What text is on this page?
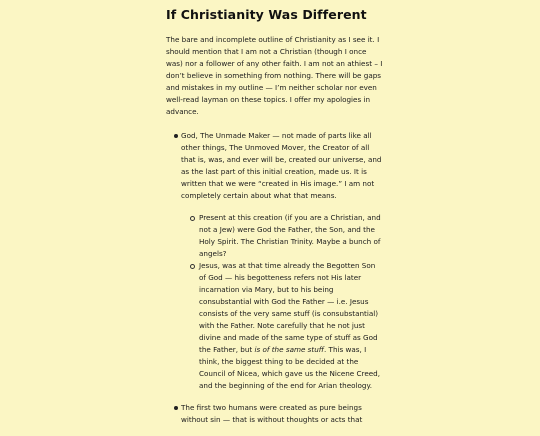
If Christianity Was Different

The bare and incomplete outline of Christianity as I see it. I should mention that I am not a Christian (though I once was) nor a follower of any other faith. I am not an athiest – I don’t believe in something from nothing. There will be gaps and mistakes in my outline — I’m neither scholar nor even well-read layman on these topics. I offer my apologies in advance.

God, The Unmade Maker — not made of parts like all other things, The Unmoved Mover, the Creator of all that is, was, and ever will be, created our universe, and as the last part of this initial creation, made us. It is written that we were “created in His image.” I am not completely certain about what that means.
Present at this creation (if you are a Christian, and not a Jew) were God the Father, the Son, and the Holy Spirit. The Christian Trinity. Maybe a bunch of angels?
Jesus, was at that time already the Begotten Son of God — his begotteness refers not His later incarnation via Mary, but to his being consubstantial with God the Father — i.e. Jesus consists of the very same stuff (is consubstantial) with the Father. Note carefully that he not just divine and made of the same type of stuff as God the Father, but is of the same stuff. This was, I think, the biggest thing to be decided at the Council of Nicea, which gave us the Nicene Creed, and the beginning of the end for Arian theology.
The first two humans were created as pure beings without sin — that is without thoughts or acts that
